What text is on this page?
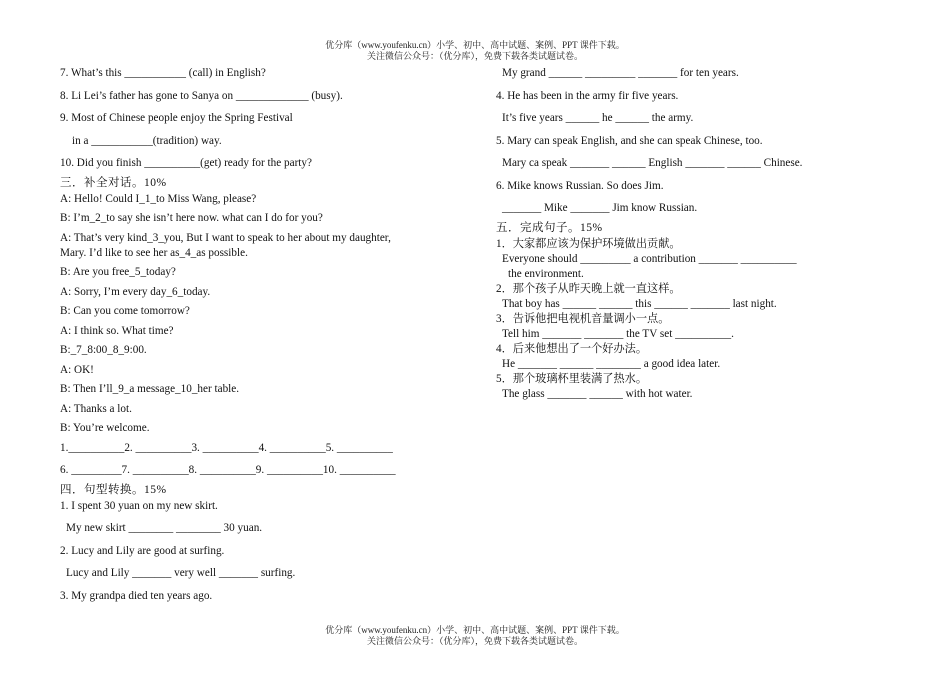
优分库（www.youfenku.cn）小学、初中、高中试题、案例、PPT 课件下载。
关注微信公众号：（优分库），免费下载各类试题试卷。
7. What’s this ___________ (call) in English?
8. Li Lei’s father has gone to Sanya on _____________ (busy).
9. Most of Chinese people enjoy the Spring Festival
in a ___________(tradition) way.
10. Did you finish __________(get) ready for the party?
三．补全对话。10%
A: Hello! Could I_1_to Miss Wang, please?
B: I’m_2_to say she isn’t here now. what can I do for you?
A: That’s very kind_3_you, But I want to speak to her about my daughter,
Mary. I’d like to see her as_4_as possible.
B: Are you free_5_today?
A: Sorry, I’m every day_6_today.
B: Can you come tomorrow?
A: I think so. What time?
B:_7_8:00_8_9:00.
A: OK!
B: Then I’ll_9_a message_10_her table.
A: Thanks a lot.
B: You’re welcome.
1.__________2. __________3. __________4. __________5. __________
6. _________7. __________8. __________9. __________10. __________
四．句型转换。15%
1. I spent 30 yuan on my new skirt.
My new skirt ________ ________ 30 yuan.
2. Lucy and Lily are good at surfing.
Lucy and Lily _______ very well _______ surfing.
3. My grandpa died ten years ago.
My grand ______ _________ _______ for ten years.
4. He has been in the army fir five years.
It’s five years ______ he ______ the army.
5. Mary can speak English, and she can speak Chinese, too.
Mary ca speak _______ ______ English _______ ______ Chinese.
6. Mike knows Russian. So does Jim.
_______ Mike _______ Jim know Russian.
五．完成句子。15%
1．大家都应该为保护环境做出贡献。
Everyone should _________ a contribution _______ __________
the environment.
2．那个孩子从昨天晚上就一直这样。
That boy has ______ ______ this ______ _______ last night.
3．告诉他把电视机音量调小一点。
Tell him _______ _______ the TV set __________.
4．后来他想出了一个好办法。
He _______ ______ ________ a good idea later.
5．那个玻璃杯里装满了热水。
The glass _______ ______ with hot water.
优分库（www.youfenku.cn）小学、初中、高中试题、案例、PPT 课件下载。
关注微信公众号：（优分库），免费下载各类试题试卷。
